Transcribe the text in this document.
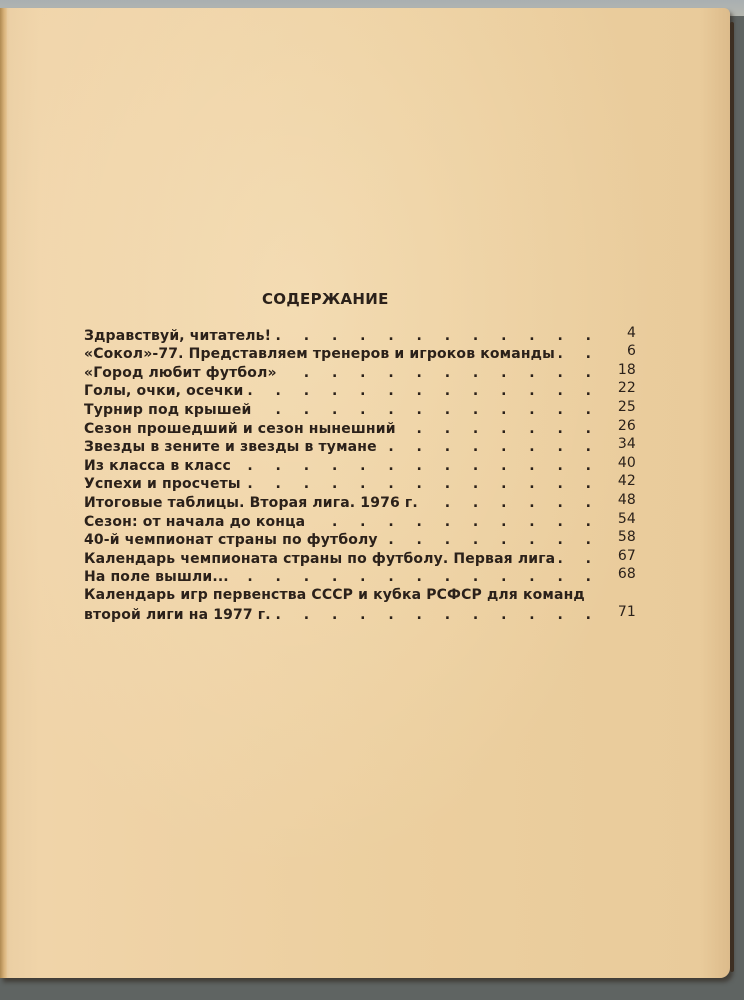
СОДЕРЖАНИЕ
Здравствуй, читатель! . . .	4
«Сокол»-77. Представляем тренеров и игроков команды . . .	6
«Город любит футбол» . . .	18
Голы, очки, осечки . . .	22
Турнир под крышей . . .	25
Сезон прошедший и сезон нынешний . . .	26
Звезды в зените и звезды в тумане . . .	34
Из класса в класс . . .	40
Успехи и просчеты . . .	42
Итоговые таблицы. Вторая лига. 1976 г. . . .	48
Сезон: от начала до конца . . .	54
40-й чемпионат страны по футболу . . .	58
Календарь чемпионата страны по футболу. Первая лига . . .	67
На поле вышли... . . .	68
Календарь игр первенства СССР и кубка РСФСР для команд
второй лиги на 1977 г. . . .	71
